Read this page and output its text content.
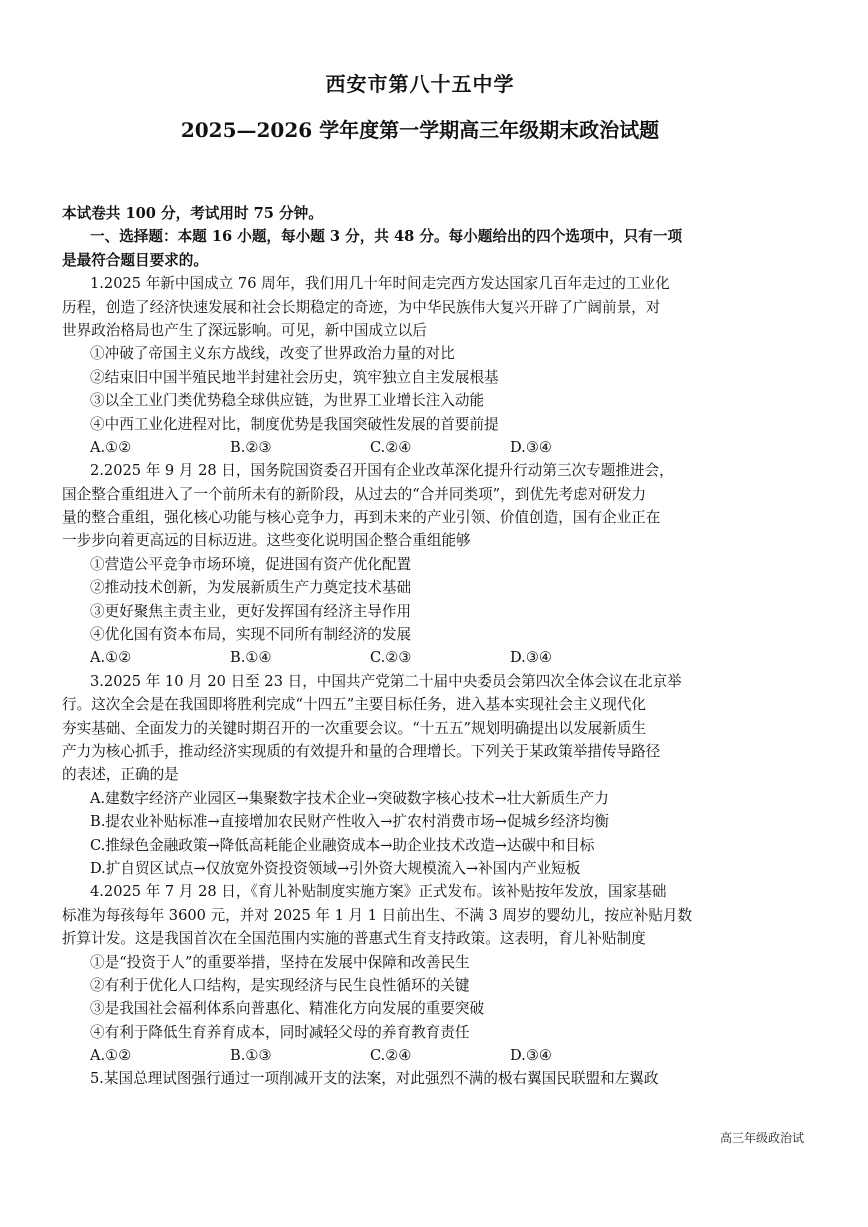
西安市第八十五中学
2025—2026 学年度第一学期高三年级期末政治试题
本试卷共 100 分，考试用时 75 分钟。
一、选择题：本题 16 小题，每小题 3 分，共 48 分。每小题给出的四个选项中，只有一项
是最符合题目要求的。
1.2025 年新中国成立 76 周年，我们用几十年时间走完西方发达国家几百年走过的工业化
历程，创造了经济快速发展和社会长期稳定的奇迹，为中华民族伟大复兴开辟了广阔前景，对
世界政治格局也产生了深远影响。可见，新中国成立以后
①冲破了帝国主义东方战线，改变了世界政治力量的对比
②结束旧中国半殖民地半封建社会历史，筑牢独立自主发展根基
③以全工业门类优势稳全球供应链，为世界工业增长注入动能
④中西工业化进程对比，制度优势是我国突破性发展的首要前提
A.①②	B.②③	C.②④	D.③④
2.2025 年 9 月 28 日，国务院国资委召开国有企业改革深化提升行动第三次专题推进会，
国企整合重组进入了一个前所未有的新阶段，从过去的“合并同类项”，到优先考虑对研发力
量的整合重组，强化核心功能与核心竞争力，再到未来的产业引领、价值创造，国有企业正在
一步步向着更高远的目标迈进。这些变化说明国企整合重组能够
①营造公平竞争市场环境，促进国有资产优化配置
②推动技术创新，为发展新质生产力奠定技术基础
③更好聚焦主责主业，更好发挥国有经济主导作用
④优化国有资本布局，实现不同所有制经济的发展
A.①②	B.①④	C.②③	D.③④
3.2025 年 10 月 20 日至 23 日，中国共产党第二十届中央委员会第四次全体会议在北京举
行。这次全会是在我国即将胜利完成“十四五”主要目标任务，进入基本实现社会主义现代化
夯实基础、全面发力的关键时期召开的一次重要会议。“十五五”规划明确提出以发展新质生
产力为核心抓手，推动经济实现质的有效提升和量的合理增长。下列关于某政策举措传导路径
的表述，正确的是
A.建数字经济产业园区→集聚数字技术企业→突破数字核心技术→壮大新质生产力
B.提农业补贴标准→直接增加农民财产性收入→扩农村消费市场→促城乡经济均衡
C.推绿色金融政策→降低高耗能企业融资成本→助企业技术改造→达碳中和目标
D.扩自贸区试点→仅放宽外资投资领域→引外资大规模流入→补国内产业短板
4.2025 年 7 月 28 日，《育儿补贴制度实施方案》正式发布。该补贴按年发放，国家基础
标准为每孩每年 3600 元，并对 2025 年 1 月 1 日前出生、不满 3 周岁的婴幼儿，按应补贴月数
折算计发。这是我国首次在全国范围内实施的普惠式生育支持政策。这表明，育儿补贴制度
①是“投资于人”的重要举措，坚持在发展中保障和改善民生
②有利于优化人口结构，是实现经济与民生良性循环的关键
③是我国社会福利体系向普惠化、精准化方向发展的重要突破
④有利于降低生育养育成本，同时减轻父母的养育教育责任
A.①②	B.①③	C.②④	D.③④
5.某国总理试图强行通过一项削减开支的法案，对此强烈不满的极右翼国民联盟和左翼政
高三年级政治试
